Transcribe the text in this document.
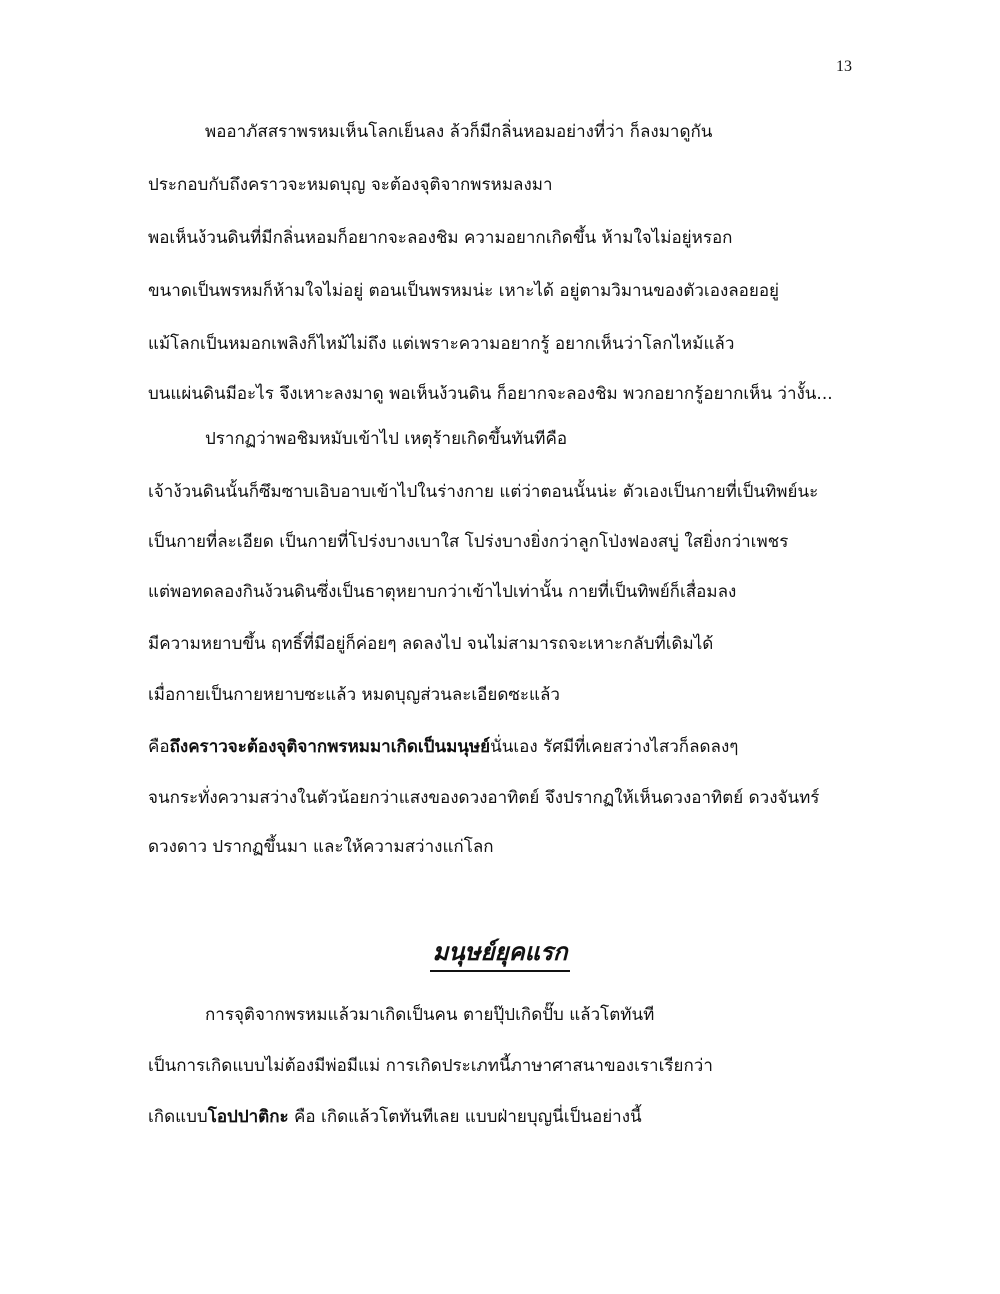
13
พออาภัสสราพรหมเห็นโลกเย็นลง ล้วก็มีกลิ่นหอมอย่างที่ว่า ก็ลงมาดูกัน
ประกอบกับถึงคราวจะหมดบุญ จะต้องจุติจากพรหมลงมา
พอเห็นง้วนดินที่มีกลิ่นหอมก็อยากจะลองชิม ความอยากเกิดขึ้น ห้ามใจไม่อยู่หรอก
ขนาดเป็นพรหมก็ห้ามใจไม่อยู่ ตอนเป็นพรหมน่ะ เหาะได้ อยู่ตามวิมานของตัวเองลอยอยู่
แม้โลกเป็นหมอกเพลิงก็ไหม้ไม่ถึง แต่เพราะความอยากรู้ อยากเห็นว่าโลกไหม้แล้ว
บนแผ่นดินมีอะไร จึงเหาะลงมาดู พอเห็นง้วนดิน ก็อยากจะลองชิม พวกอยากรู้อยากเห็น ว่างั้น...
ปรากฏว่าพอชิมหมับเข้าไป เหตุร้ายเกิดขึ้นทันทีคือ
เจ้าง้วนดินนั้นก็ซึมซาบเอิบอาบเข้าไปในร่างกาย แต่ว่าตอนนั้นน่ะ ตัวเองเป็นกายที่เป็นทิพย์นะ
เป็นกายที่ละเอียด เป็นกายที่โปร่งบางเบาใส โปร่งบางยิ่งกว่าลูกโป่งฟองสบู่ ใสยิ่งกว่าเพชร
แต่พอทดลองกินง้วนดินซึ่งเป็นธาตุหยาบกว่าเข้าไปเท่านั้น กายที่เป็นทิพย์ก็เสื่อมลง
มีความหยาบขึ้น ฤทธิ์ที่มีอยู่ก็ค่อยๆ ลดลงไป จนไม่สามารถจะเหาะกลับที่เดิมได้
เมื่อกายเป็นกายหยาบซะแล้ว หมดบุญส่วนละเอียดซะแล้ว
คือถึงคราวจะต้องจุติจากพรหมมาเกิดเป็นมนุษย์นั่นเอง รัศมีที่เคยสว่างไสวก็ลดลงๆ
จนกระทั่งความสว่างในตัวน้อยกว่าแสงของดวงอาทิตย์ จึงปรากฏให้เห็นดวงอาทิตย์ ดวงจันทร์
ดวงดาว ปรากฏขึ้นมา และให้ความสว่างแก่โลก
มนุษย์ยุคแรก
การจุติจากพรหมแล้วมาเกิดเป็นคน ตายปุ๊ปเกิดปั๊บ แล้วโตทันที
เป็นการเกิดแบบไม่ต้องมีพ่อมีแม่ การเกิดประเภทนี้ภาษาศาสนาของเราเรียกว่า
เกิดแบบโอปปาติกะ คือ เกิดแล้วโตทันทีเลย แบบฝ่ายบุญนี่เป็นอย่างนี้
